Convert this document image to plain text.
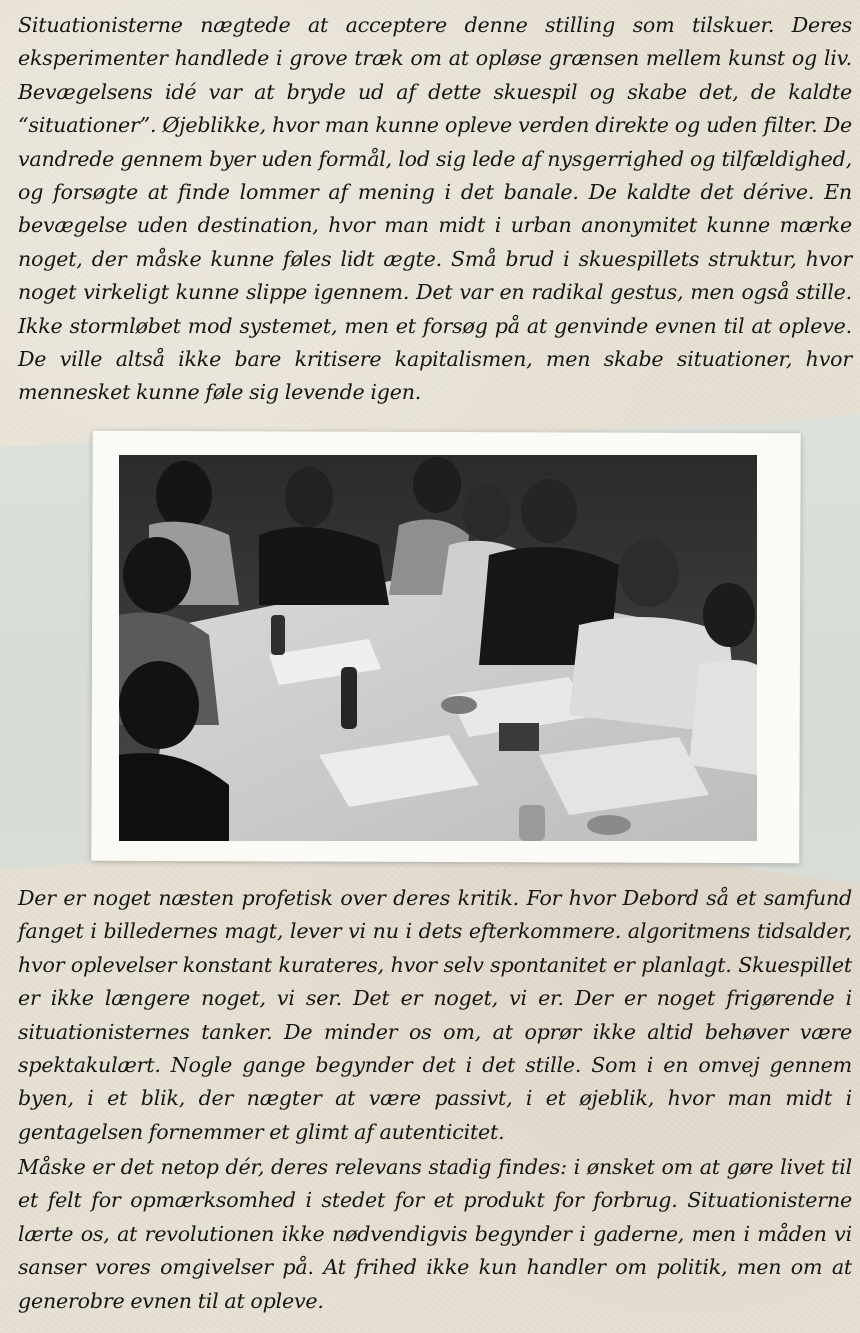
Situationisterne nægtede at acceptere denne stilling som tilskuer. Deres eksperimenter handlede i grove træk om at opløse grænsen mellem kunst og liv. Bevægelsens idé var at bryde ud af dette skuespil og skabe det, de kaldte “situationer”. Øjeblikke, hvor man kunne opleve verden direkte og uden filter. De vandrede gennem byer uden formål, lod sig lede af nysgerrighed og tilfældighed, og forsøgte at finde lommer af mening i det banale. De kaldte det dérive. En bevægelse uden destination, hvor man midt i urban anonymitet kunne mærke noget, der måske kunne føles lidt ægte. Små brud i skuespillets struktur, hvor noget virkeligt kunne slippe igennem. Det var en radikal gestus, men også stille. Ikke stormløbet mod systemet, men et forsøg på at genvinde evnen til at opleve. De ville altså ikke bare kritisere kapitalismen, men skabe situationer, hvor mennesket kunne føle sig levende igen.

Der er noget næsten profetisk over deres kritik. For hvor Debord så et samfund fanget i billedernes magt, lever vi nu i dets efterkommere. algoritmens tidsalder, hvor oplevelser konstant kurateres, hvor selv spontanitet er planlagt. Skuespillet er ikke længere noget, vi ser. Det er noget, vi er. Der er noget frigørende i situationisternes tanker. De minder os om, at oprør ikke altid behøver være spektakulært. Nogle gange begynder det i det stille. Som i en omvej gennem byen, i et blik, der nægter at være passivt, i et øjeblik, hvor man midt i gentagelsen fornemmer et glimt af autenticitet.

Måske er det netop dér, deres relevans stadig findes: i ønsket om at gøre livet til et felt for opmærksomhed i stedet for et produkt for forbrug. Situationisterne lærte os, at revolutionen ikke nødvendigvis begynder i gaderne, men i måden vi sanser vores omgivelser på. At frihed ikke kun handler om politik, men om at generobre evnen til at opleve.
